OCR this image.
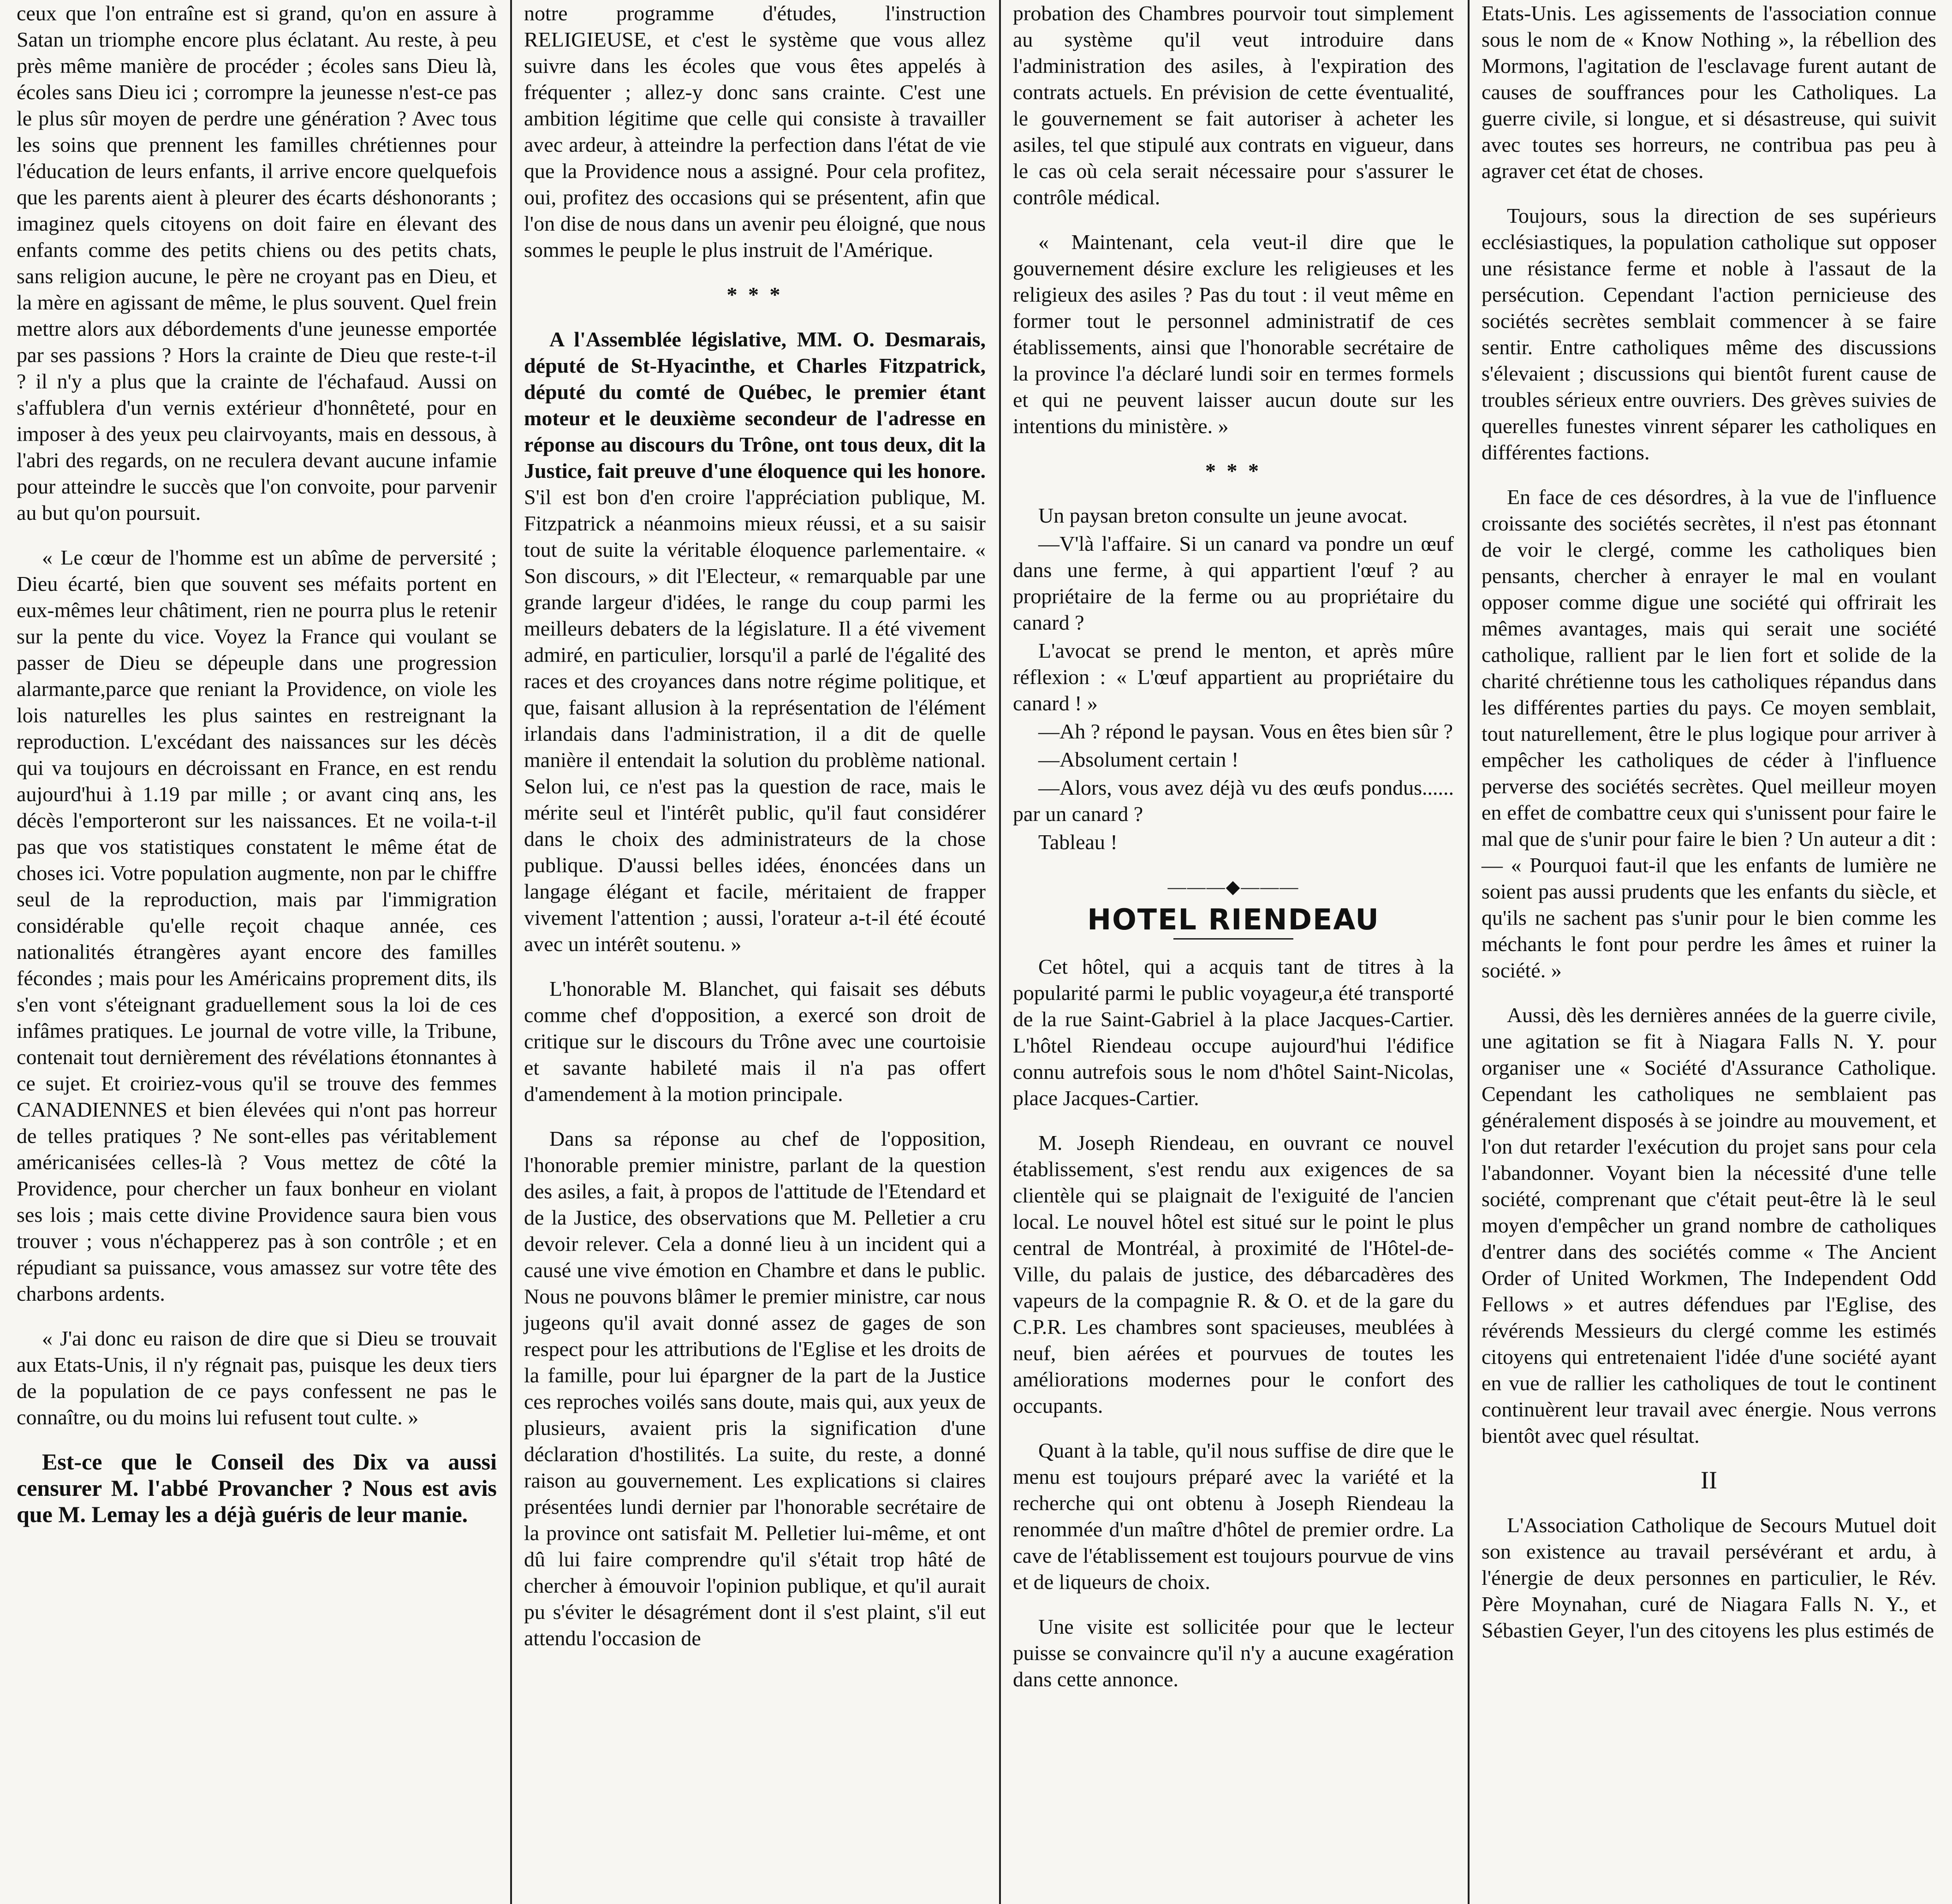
ceux que l'on entraîne est si grand, qu'on en assure à Satan un triomphe encore plus éclatant. Au reste, à peu près même manière de procéder ; écoles sans Dieu là, écoles sans Dieu ici ; corrompre la jeunesse n'est-ce pas le plus sûr moyen de perdre une génération ? Avec tous les soins que prennent les familles chrétiennes pour l'éducation de leurs enfants, il arrive encore quelquefois que les parents aient à pleurer des écarts déshonorants ; imaginez quels citoyens on doit faire en élevant des enfants comme des petits chiens ou des petits chats, sans religion aucune, le père ne croyant pas en Dieu, et la mère en agissant de même, le plus souvent. Quel frein mettre alors aux débordements d'une jeunesse emportée par ses passions ? Hors la crainte de Dieu que reste-t-il ? il n'y a plus que la crainte de l'échafaud. Aussi on s'affublera d'un vernis extérieur d'honnêteté, pour en imposer à des yeux peu clairvoyants, mais en dessous, à l'abri des regards, on ne reculera devant aucune infamie pour atteindre le succès que l'on convoite, pour parvenir au but qu'on poursuit.

« Le cœur de l'homme est un abîme de perversité ; Dieu écarté, bien que souvent ses méfaits portent en eux-mêmes leur châtiment, rien ne pourra plus le retenir sur la pente du vice. Voyez la France qui voulant se passer de Dieu se dépeuple dans une progression alarmante,parce que reniant la Providence, on viole les lois naturelles les plus saintes en restreignant la reproduction. L'excédant des naissances sur les décès qui va toujours en décroissant en France, en est rendu aujourd'hui à 1.19 par mille ; or avant cinq ans, les décès l'emporteront sur les naissances. Et ne voila-t-il pas que vos statistiques constatent le même état de choses ici. Votre population augmente, non par le chiffre seul de la reproduction, mais par l'immigration considérable qu'elle reçoit chaque année, ces nationalités étrangères ayant encore des familles fécondes ; mais pour les Américains proprement dits, ils s'en vont s'éteignant graduellement sous la loi de ces infâmes pratiques. Le journal de votre ville, la Tribune, contenait tout dernièrement des révélations étonnantes à ce sujet. Et croiriez-vous qu'il se trouve des femmes CANADIENNES et bien élevées qui n'ont pas horreur de telles pratiques ? Ne sont-elles pas véritablement américanisées celles-là ? Vous mettez de côté la Providence, pour chercher un faux bonheur en violant ses lois ; mais cette divine Providence saura bien vous trouver ; vous n'échapperez pas à son contrôle ; et en répudiant sa puissance, vous amassez sur votre tête des charbons ardents.

« J'ai donc eu raison de dire que si Dieu se trouvait aux Etats-Unis, il n'y régnait pas, puisque les deux tiers de la population de ce pays confessent ne pas le connaître, ou du moins lui refusent tout culte. »

Est-ce que le Conseil des Dix va aussi censurer M. l'abbé Provancher ? Nous est avis que M. Lemay les a déjà guéris de leur manie.

notre programme d'études, l'instruction RELIGIEUSE, et c'est le système que vous allez suivre dans les écoles que vous êtes appelés à fréquenter ; allez-y donc sans crainte. C'est une ambition légitime que celle qui consiste à travailler avec ardeur, à atteindre la perfection dans l'état de vie que la Providence nous a assigné. Pour cela profitez, oui, profitez des occasions qui se présentent, afin que l'on dise de nous dans un avenir peu éloigné, que nous sommes le peuple le plus instruit de l'Amérique.

* * *

A l'Assemblée législative, MM. O. Desmarais, député de St-Hyacinthe, et Charles Fitzpatrick, député du comté de Québec, le premier étant moteur et le deuxième secondeur de l'adresse en réponse au discours du Trône, ont tous deux, dit la Justice, fait preuve d'une éloquence qui les honore. S'il est bon d'en croire l'appréciation publique, M. Fitzpatrick a néanmoins mieux réussi, et a su saisir tout de suite la véritable éloquence parlementaire. « Son discours, » dit l'Electeur, « remarquable par une grande largeur d'idées, le range du coup parmi les meilleurs debaters de la législature. Il a été vivement admiré, en particulier, lorsqu'il a parlé de l'égalité des races et des croyances dans notre régime politique, et que, faisant allusion à la représentation de l'élément irlandais dans l'administration, il a dit de quelle manière il entendait la solution du problème national. Selon lui, ce n'est pas la question de race, mais le mérite seul et l'intérêt public, qu'il faut considérer dans le choix des administrateurs de la chose publique. D'aussi belles idées, énoncées dans un langage élégant et facile, méritaient de frapper vivement l'attention ; aussi, l'orateur a-t-il été écouté avec un intérêt soutenu. »

L'honorable M. Blanchet, qui faisait ses débuts comme chef d'opposition, a exercé son droit de critique sur le discours du Trône avec une courtoisie et savante habileté mais il n'a pas offert d'amendement à la motion principale.

Dans sa réponse au chef de l'opposition, l'honorable premier ministre, parlant de la question des asiles, a fait, à propos de l'attitude de l'Etendard et de la Justice, des observations que M. Pelletier a cru devoir relever. Cela a donné lieu à un incident qui a causé une vive émotion en Chambre et dans le public. Nous ne pouvons blâmer le premier ministre, car nous jugeons qu'il avait donné assez de gages de son respect pour les attributions de l'Eglise et les droits de la famille, pour lui épargner de la part de la Justice ces reproches voilés sans doute, mais qui, aux yeux de plusieurs, avaient pris la signification d'une déclaration d'hostilités. La suite, du reste, a donné raison au gouvernement. Les explications si claires présentées lundi dernier par l'honorable secrétaire de la province ont satisfait M. Pelletier lui-même, et ont dû lui faire comprendre qu'il s'était trop hâté de chercher à émouvoir l'opinion publique, et qu'il aurait pu s'éviter le désagrément dont il s'est plaint, s'il eut attendu l'occasion de

probation des Chambres pourvoir tout simplement au système qu'il veut introduire dans l'administration des asiles, à l'expiration des contrats actuels. En prévision de cette éventualité, le gouvernement se fait autoriser à acheter les asiles, tel que stipulé aux contrats en vigueur, dans le cas où cela serait nécessaire pour s'assurer le contrôle médical.

« Maintenant, cela veut-il dire que le gouvernement désire exclure les religieuses et les religieux des asiles ? Pas du tout : il veut même en former tout le personnel administratif de ces établissements, ainsi que l'honorable secrétaire de la province l'a déclaré lundi soir en termes formels et qui ne peuvent laisser aucun doute sur les intentions du ministère. »

* * *

Un paysan breton consulte un jeune avocat.

—V'là l'affaire. Si un canard va pondre un œuf dans une ferme, à qui appartient l'œuf ? au propriétaire de la ferme ou au propriétaire du canard ?

L'avocat se prend le menton, et après mûre réflexion : « L'œuf appartient au propriétaire du canard ! »

—Ah ? répond le paysan. Vous en êtes bien sûr ?

—Absolument certain !

—Alors, vous avez déjà vu des œufs pondus...... par un canard ?

Tableau !

———◆———
HOTEL RIENDEAU

Cet hôtel, qui a acquis tant de titres à la popularité parmi le public voyageur,a été transporté de la rue Saint-Gabriel à la place Jacques-Cartier. L'hôtel Riendeau occupe aujourd'hui l'édifice connu autrefois sous le nom d'hôtel Saint-Nicolas, place Jacques-Cartier.

M. Joseph Riendeau, en ouvrant ce nouvel établissement, s'est rendu aux exigences de sa clientèle qui se plaignait de l'exiguité de l'ancien local. Le nouvel hôtel est situé sur le point le plus central de Montréal, à proximité de l'Hôtel-de-Ville, du palais de justice, des débarcadères des vapeurs de la compagnie R. & O. et de la gare du C.P.R. Les chambres sont spacieuses, meublées à neuf, bien aérées et pourvues de toutes les améliorations modernes pour le confort des occupants.

Quant à la table, qu'il nous suffise de dire que le menu est toujours préparé avec la variété et la recherche qui ont obtenu à Joseph Riendeau la renommée d'un maître d'hôtel de premier ordre. La cave de l'établissement est toujours pourvue de vins et de liqueurs de choix.

Une visite est sollicitée pour que le lecteur puisse se convaincre qu'il n'y a aucune exagération dans cette annonce.

Etats-Unis. Les agissements de l'association connue sous le nom de « Know Nothing », la rébellion des Mormons, l'agitation de l'esclavage furent autant de causes de souffrances pour les Catholiques. La guerre civile, si longue, et si désastreuse, qui suivit avec toutes ses horreurs, ne contribua pas peu à agraver cet état de choses.

Toujours, sous la direction de ses supérieurs ecclésiastiques, la population catholique sut opposer une résistance ferme et noble à l'assaut de la persécution. Cependant l'action pernicieuse des sociétés secrètes semblait commencer à se faire sentir. Entre catholiques même des discussions s'élevaient ; discussions qui bientôt furent cause de troubles sérieux entre ouvriers. Des grèves suivies de querelles funestes vinrent séparer les catholiques en différentes factions.

En face de ces désordres, à la vue de l'influence croissante des sociétés secrètes, il n'est pas étonnant de voir le clergé, comme les catholiques bien pensants, chercher à enrayer le mal en voulant opposer comme digue une société qui offrirait les mêmes avantages, mais qui serait une société catholique, rallient par le lien fort et solide de la charité chrétienne tous les catholiques répandus dans les différentes parties du pays. Ce moyen semblait, tout naturellement, être le plus logique pour arriver à empêcher les catholiques de céder à l'influence perverse des sociétés secrètes. Quel meilleur moyen en effet de combattre ceux qui s'unissent pour faire le mal que de s'unir pour faire le bien ? Un auteur a dit : — « Pourquoi faut-il que les enfants de lumière ne soient pas aussi prudents que les enfants du siècle, et qu'ils ne sachent pas s'unir pour le bien comme les méchants le font pour perdre les âmes et ruiner la société. »

Aussi, dès les dernières années de la guerre civile, une agitation se fit à Niagara Falls N. Y. pour organiser une « Société d'Assurance Catholique. Cependant les catholiques ne semblaient pas généralement disposés à se joindre au mouvement, et l'on dut retarder l'exécution du projet sans pour cela l'abandonner. Voyant bien la nécessité d'une telle société, comprenant que c'était peut-être là le seul moyen d'empêcher un grand nombre de catholiques d'entrer dans des sociétés comme « The Ancient Order of United Workmen, The Independent Odd Fellows » et autres défendues par l'Eglise, des révérends Messieurs du clergé comme les estimés citoyens qui entretenaient l'idée d'une société ayant en vue de rallier les catholiques de tout le continent continuèrent leur travail avec énergie. Nous verrons bientôt avec quel résultat.

II

L'Association Catholique de Secours Mutuel doit son existence au travail persévérant et ardu, à l'énergie de deux personnes en particulier, le Rév. Père Moynahan, curé de Niagara Falls N. Y., et Sébastien Geyer, l'un des citoyens les plus estimés de
